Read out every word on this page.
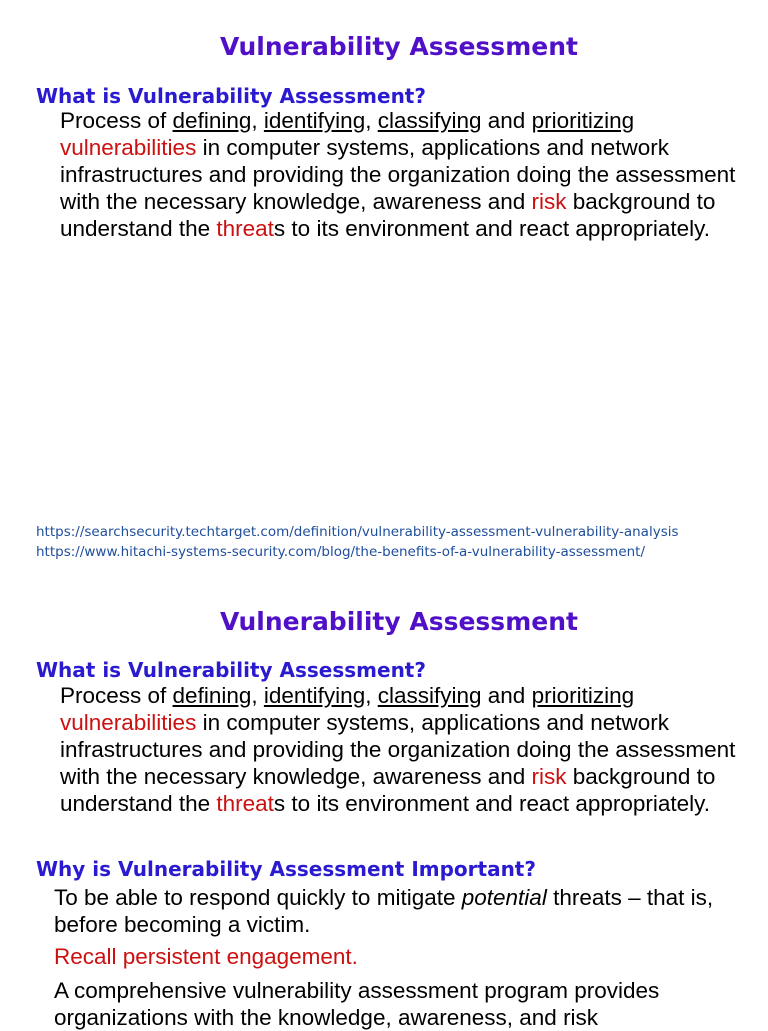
Vulnerability Assessment
What is Vulnerability Assessment?

Process of defining, identifying, classifying and prioritizing
vulnerabilities in computer systems, applications and network infrastructures and providing the organization doing the assessment with the necessary knowledge, awareness and risk background to understand the threats to its environment and react appropriately.

https://searchsecurity.techtarget.com/definition/vulnerability-assessment-vulnerability-analysis
https://www.hitachi-systems-security.com/blog/the-benefits-of-a-vulnerability-assessment/
Vulnerability Assessment
What is Vulnerability Assessment?

Process of defining, identifying, classifying and prioritizing
vulnerabilities in computer systems, applications and network infrastructures and providing the organization doing the assessment with the necessary knowledge, awareness and risk background to understand the threats to its environment and react appropriately.

Why is Vulnerability Assessment Important?

To be able to respond quickly to mitigate potential threats – that is, before becoming a victim.

Recall persistent engagement.

A comprehensive vulnerability assessment program provides organizations with the knowledge, awareness, and risk
